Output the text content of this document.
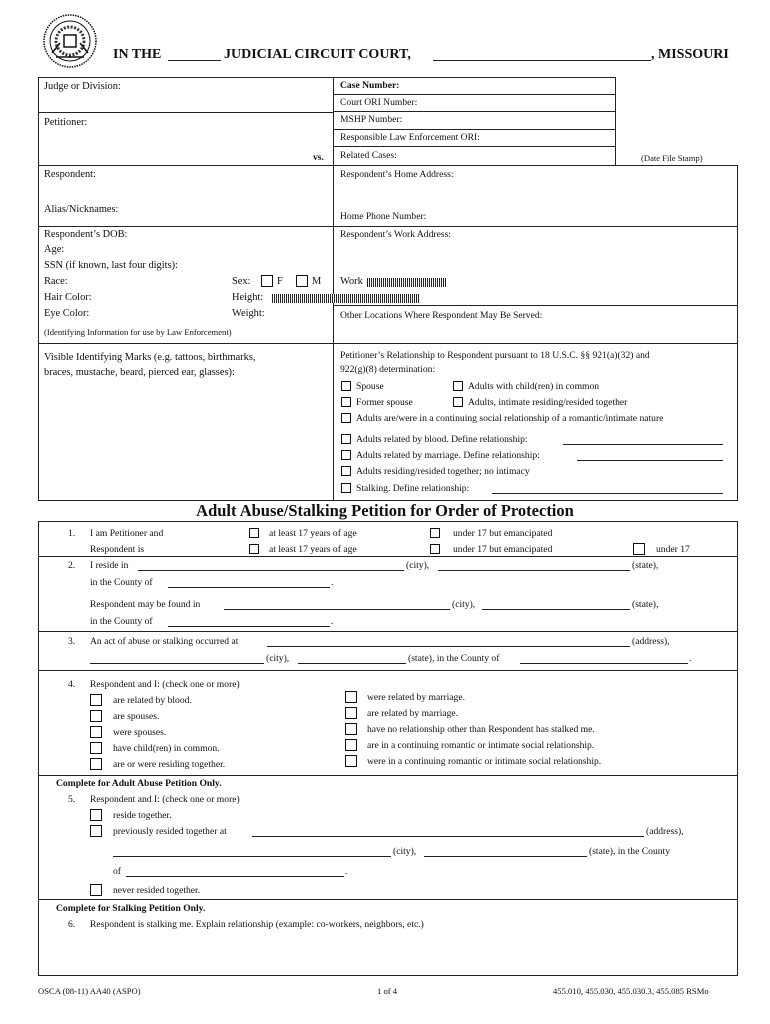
IN THE	JUDICIAL CIRCUIT COURT,	, MISSOURI
Judge or Division:
Petitioner:
vs.
Respondent:
Alias/Nicknames:
Respondent’s DOB:
Age:
SSN (if known, last four digits):
Race:	Sex:	F	M
Hair Color:	Height:
Eye Color:	Weight:
(Identifying Information for use by Law Enforcement)
Visible Identifying Marks (e.g. tattoos, birthmarks,
braces, mustache, beard, pierced ear, glasses):
Case Number:
Court ORI Number:
MSHP Number:
Responsible Law Enforcement ORI:
Related Cases:	(Date File Stamp)
Respondent’s Home Address:
Home Phone Number:
Respondent’s Work Address:
Work
Other Locations Where Respondent May Be Served:
Petitioner’s Relationship to Respondent pursuant to 18 U.S.C. §§ 921(a)(32) and
922(g)(8) determination:
Spouse	Adults with child(ren) in common
Former spouse	Adults, intimate residing/resided together
Adults are/were in a continuing social relationship of a romantic/intimate nature
Adults related by blood. Define relationship:
Adults related by marriage. Define relationship:
Adults residing/resided together; no intimacy
Stalking. Define relationship:
Adult Abuse/Stalking Petition for Order of Protection
1. I am Petitioner and	at least 17 years of age	under 17 but emancipated
Respondent is	at least 17 years of age	under 17 but emancipated	under 17
2. I reside in	(city),	(state),
in the County of	.
Respondent may be found in	(city),	(state),
in the County of	.
3. An act of abuse or stalking occurred at	(address),
(city),	(state), in the County of	.
4. Respondent and I: (check one or more)
are related by blood.
are spouses.
were spouses.
have child(ren) in common.
are or were residing together.
were related by marriage.
are related by marriage.
have no relationship other than Respondent has stalked me.
are in a continuing romantic or intimate social relationship.
were in a continuing romantic or intimate social relationship.
Complete for Adult Abuse Petition Only.
5. Respondent and I: (check one or more)
reside together.
previously resided together at	(address),
(city),	(state), in the County
of	.
never resided together.
Complete for Stalking Petition Only.
6. Respondent is stalking me. Explain relationship (example: co-workers, neighbors, etc.)
OSCA (08-11) AA40 (ASPO)	1 of 4	455.010, 455.030, 455.030.3, 455.085 RSMo
